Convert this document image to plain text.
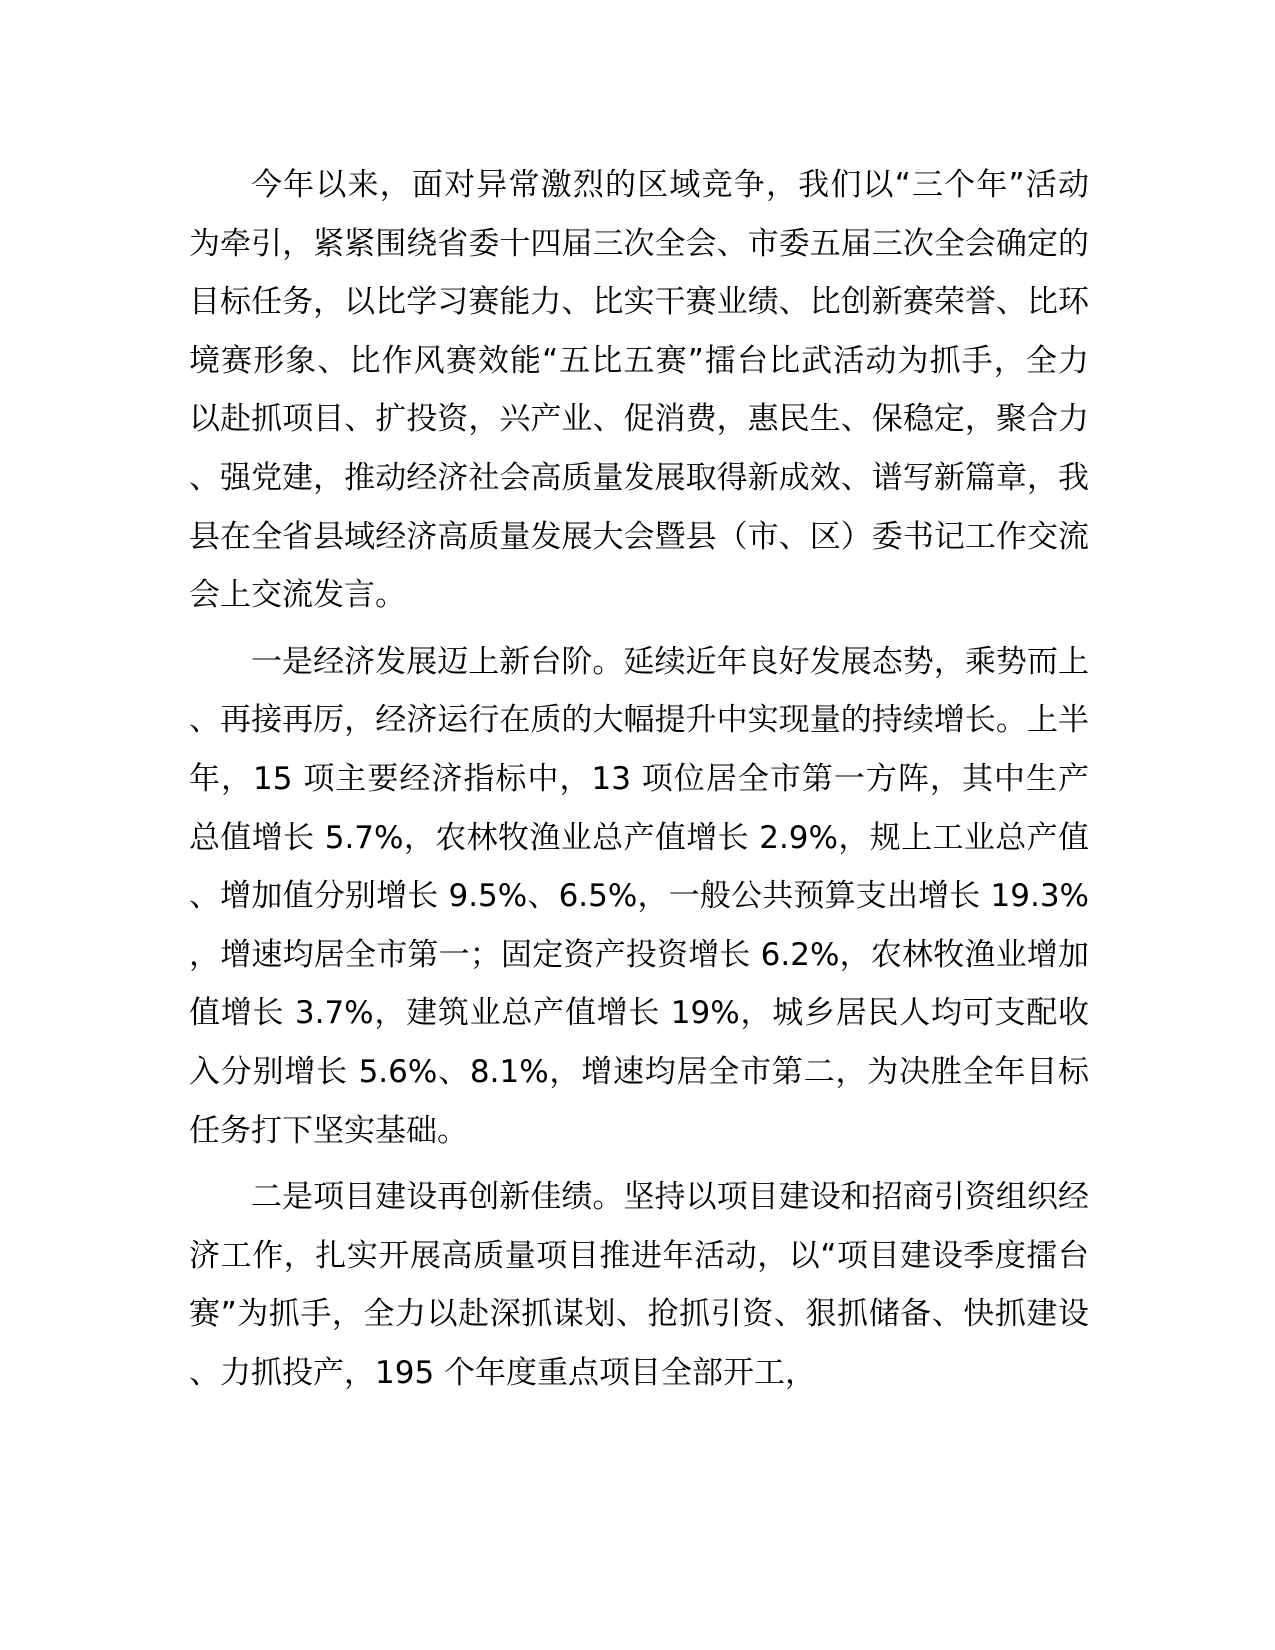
今年以来，面对异常激烈的区域竞争，我们以“三个年”活动为牵引，紧紧围绕省委十四届三次全会、市委五届三次全会确定的目标任务，以比学习赛能力、比实干赛业绩、比创新赛荣誉、比环境赛形象、比作风赛效能“五比五赛”擂台比武活动为抓手，全力以赴抓项目、扩投资，兴产业、促消费，惠民生、保稳定，聚合力、强党建，推动经济社会高质量发展取得新成效、谱写新篇章，我县在全省县域经济高质量发展大会暨县（市、区）委书记工作交流会上交流发言。

一是经济发展迈上新台阶。延续近年良好发展态势，乘势而上、再接再厉，经济运行在质的大幅提升中实现量的持续增长。上半年，15 项主要经济指标中，13 项位居全市第一方阵，其中生产总值增长 5.7%，农林牧渔业总产值增长 2.9%，规上工业总产值、增加值分别增长 9.5%、6.5%，一般公共预算支出增长 19.3%，增速均居全市第一；固定资产投资增长 6.2%，农林牧渔业增加值增长 3.7%，建筑业总产值增长 19%，城乡居民人均可支配收入分别增长 5.6%、8.1%，增速均居全市第二，为决胜全年目标任务打下坚实基础。

二是项目建设再创新佳绩。坚持以项目建设和招商引资组织经济工作，扎实开展高质量项目推进年活动，以“项目建设季度擂台赛”为抓手，全力以赴深抓谋划、抢抓引资、狠抓储备、快抓建设、力抓投产，195 个年度重点项目全部开工，
